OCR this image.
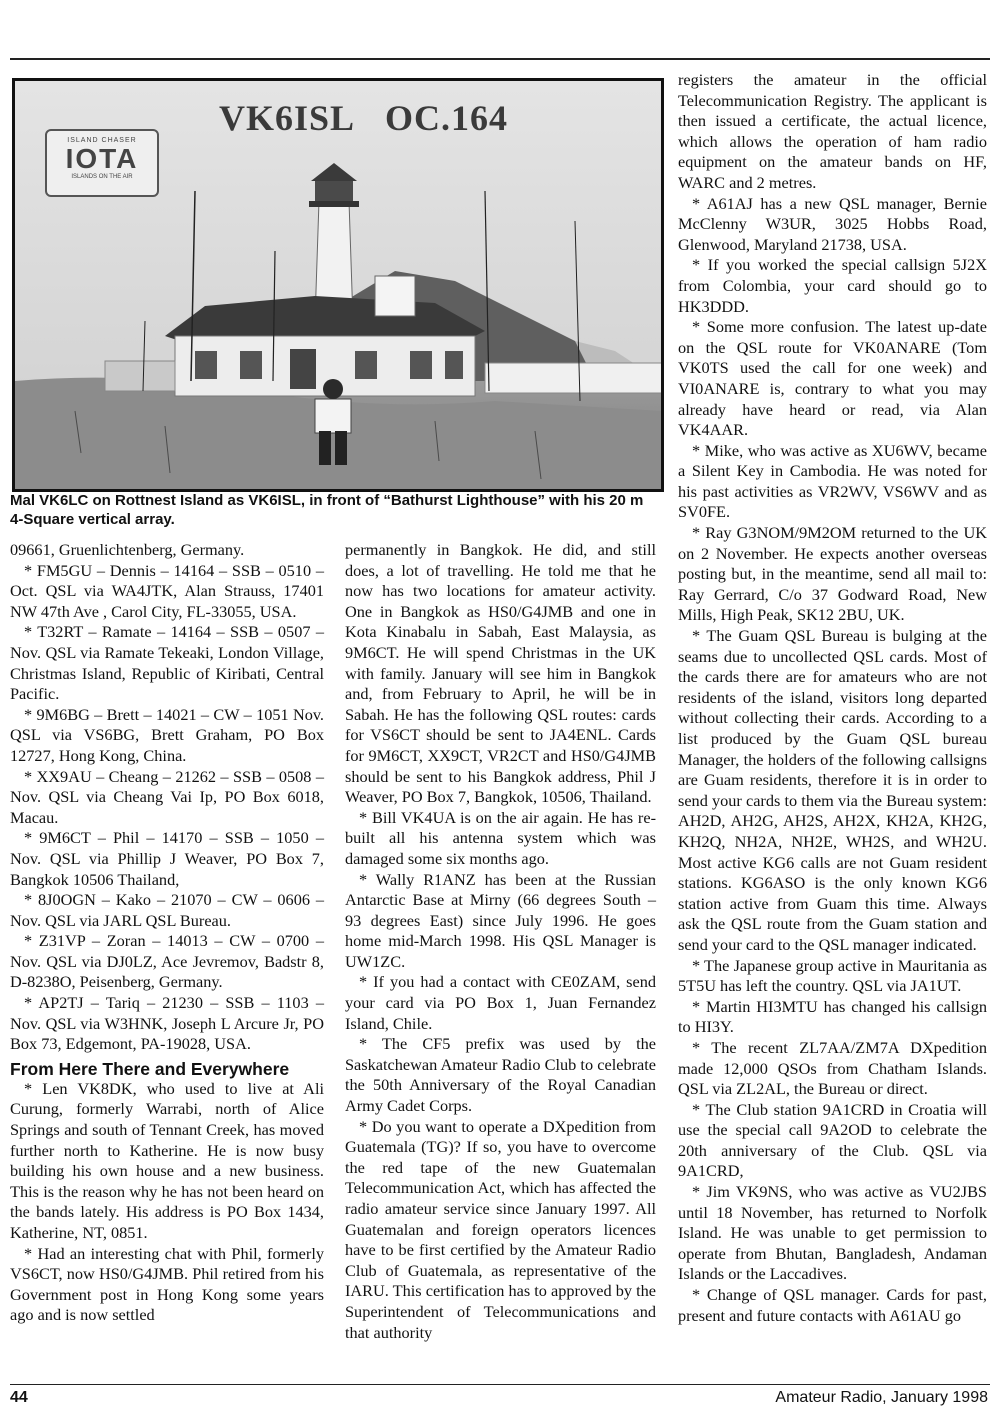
VK6ISL OC.164
ISLAND CHASER
IOTA
ISLANDS ON THE AIR
Mal VK6LC on Rottnest Island as VK6ISL, in front of “Bathurst Lighthouse” with his 20 m 4-Square vertical array.

09661, Gruenlichtenberg, Germany.

* FM5GU – Dennis – 14164 – SSB – 0510 – Oct. QSL via WA4JTK, Alan Strauss, 17401 NW 47th Ave , Carol City, FL-33055, USA.

* T32RT – Ramate – 14164 – SSB – 0507 – Nov. QSL via Ramate Tekeaki, London Village, Christmas Island, Republic of Kiribati, Central Pacific.

* 9M6BG – Brett – 14021 – CW – 1051 Nov. QSL via VS6BG, Brett Graham, PO Box 12727, Hong Kong, China.

* XX9AU – Cheang – 21262 – SSB – 0508 – Nov. QSL via Cheang Vai Ip, PO Box 6018, Macau.

* 9M6CT – Phil – 14170 – SSB – 1050 – Nov. QSL via Phillip J Weaver, PO Box 7, Bangkok 10506 Thailand,

* 8J0OGN – Kako – 21070 – CW – 0606 – Nov. QSL via JARL QSL Bureau.

* Z31VP – Zoran – 14013 – CW – 0700 – Nov. QSL via DJ0LZ, Ace Jevremov, Badstr 8, D-8238O, Peisenberg, Germany.

* AP2TJ – Tariq – 21230 – SSB – 1103 – Nov. QSL via W3HNK, Joseph L Arcure Jr, PO Box 73, Edgemont, PA-19028, USA.

From Here There and Everywhere

* Len VK8DK, who used to live at Ali Curung, formerly Warrabi, north of Alice Springs and south of Tennant Creek, has moved further north to Katherine. He is now busy building his own house and a new business. This is the reason why he has not been heard on the bands lately. His address is PO Box 1434, Katherine, NT, 0851.

* Had an interesting chat with Phil, formerly VS6CT, now HS0/G4JMB. Phil retired from his Government post in Hong Kong some years ago and is now settled

permanently in Bangkok. He did, and still does, a lot of travelling. He told me that he now has two locations for amateur activity. One in Bangkok as HS0/G4JMB and one in Kota Kinabalu in Sabah, East Malaysia, as 9M6CT. He will spend Christmas in the UK with family. January will see him in Bangkok and, from February to April, he will be in Sabah. He has the following QSL routes: cards for VS6CT should be sent to JA4ENL. Cards for 9M6CT, XX9CT, VR2CT and HS0/G4JMB should be sent to his Bangkok address, Phil J Weaver, PO Box 7, Bangkok, 10506, Thailand.

* Bill VK4UA is on the air again. He has re-built all his antenna system which was damaged some six months ago.

* Wally R1ANZ has been at the Russian Antarctic Base at Mirny (66 degrees South – 93 degrees East) since July 1996. He goes home mid-March 1998. His QSL Manager is UW1ZC.

* If you had a contact with CE0ZAM, send your card via PO Box 1, Juan Fernandez Island, Chile.

* The CF5 prefix was used by the Saskatchewan Amateur Radio Club to celebrate the 50th Anniversary of the Royal Canadian Army Cadet Corps.

* Do you want to operate a DXpedition from Guatemala (TG)? If so, you have to overcome the red tape of the new Guatemalan Telecommunication Act, which has affected the radio amateur service since January 1997. All Guatemalan and foreign operators licences have to be first certified by the Amateur Radio Club of Guatemala, as representative of the IARU. This certification has to approved by the Superintendent of Telecommunications and that authority

registers the amateur in the official Telecommunication Registry. The applicant is then issued a certificate, the actual licence, which allows the operation of ham radio equipment on the amateur bands on HF, WARC and 2 metres.

* A61AJ has a new QSL manager, Bernie McClenny W3UR, 3025 Hobbs Road, Glenwood, Maryland 21738, USA.

* If you worked the special callsign 5J2X from Colombia, your card should go to HK3DDD.

* Some more confusion. The latest up-date on the QSL route for VK0ANARE (Tom VK0TS used the call for one week) and VI0ANARE is, contrary to what you may already have heard or read, via Alan VK4AAR.

* Mike, who was active as XU6WV, became a Silent Key in Cambodia. He was noted for his past activities as VR2WV, VS6WV and as SV0FE.

* Ray G3NOM/9M2OM returned to the UK on 2 November. He expects another overseas posting but, in the meantime, send all mail to: Ray Gerrard, C/o 37 Godward Road, New Mills, High Peak, SK12 2BU, UK.

* The Guam QSL Bureau is bulging at the seams due to uncollected QSL cards. Most of the cards there are for amateurs who are not residents of the island, visitors long departed without collecting their cards. According to a list produced by the Guam QSL bureau Manager, the holders of the following callsigns are Guam residents, therefore it is in order to send your cards to them via the Bureau system: AH2D, AH2G, AH2S, AH2X, KH2A, KH2G, KH2Q, NH2A, NH2E, WH2S, and WH2U. Most active KG6 calls are not Guam resident stations. KG6ASO is the only known KG6 station active from Guam this time. Always ask the QSL route from the Guam station and send your card to the QSL manager indicated.

* The Japanese group active in Mauritania as 5T5U has left the country. QSL via JA1UT.

* Martin HI3MTU has changed his callsign to HI3Y.

* The recent ZL7AA/ZM7A DXpedition made 12,000 QSOs from Chatham Islands. QSL via ZL2AL, the Bureau or direct.

* The Club station 9A1CRD in Croatia will use the special call 9A2OD to celebrate the 20th anniversary of the Club. QSL via 9A1CRD,

* Jim VK9NS, who was active as VU2JBS until 18 November, has returned to Norfolk Island. He was unable to get permission to operate from Bhutan, Bangladesh, Andaman Islands or the Laccadives.

* Change of QSL manager. Cards for past, present and future contacts with A61AU go

44	Amateur Radio, January 1998
